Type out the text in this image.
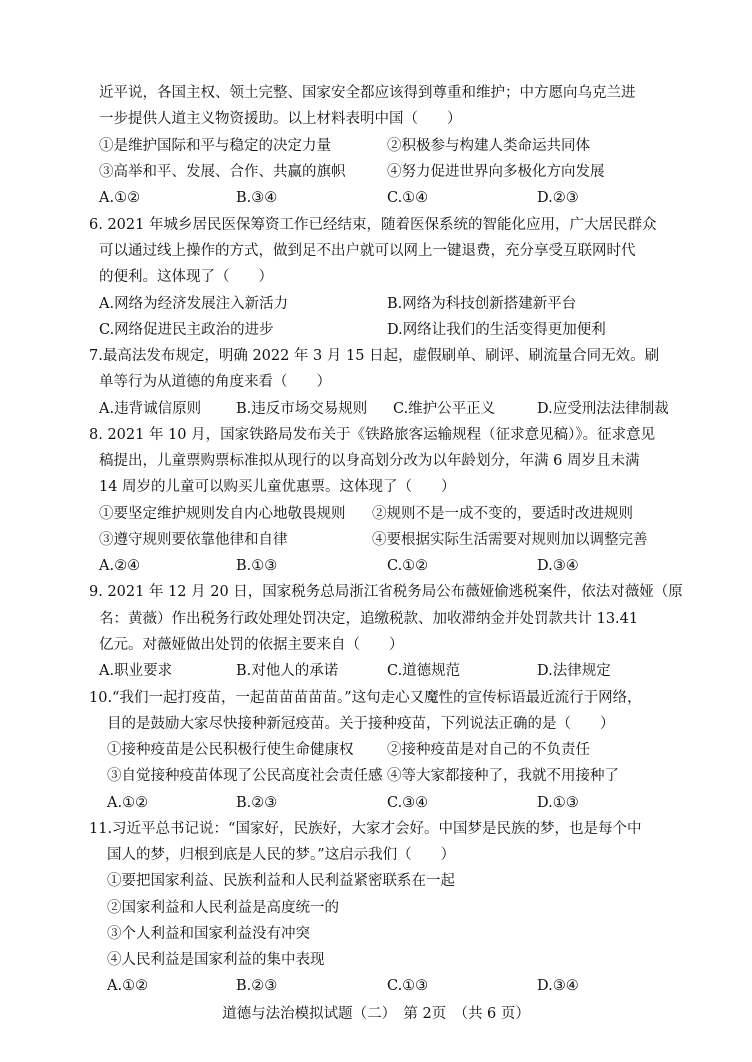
近平说，各国主权、领土完整、国家安全都应该得到尊重和维护；中方愿向乌克兰进
一步提供人道主义物资援助。以上材料表明中国（　　）
①是维护国际和平与稳定的决定力量	②积极参与构建人类命运共同体
③高举和平、发展、合作、共赢的旗帜	④努力促进世界向多极化方向发展
A.①②	B.③④	C.①④	D.②③
6. 2021 年城乡居民医保筹资工作已经结束，随着医保系统的智能化应用，广大居民群众
可以通过线上操作的方式，做到足不出户就可以网上一键退费，充分享受互联网时代
的便利。这体现了（　　）
A.网络为经济发展注入新活力	B.网络为科技创新搭建新平台
C.网络促进民主政治的进步	D.网络让我们的生活变得更加便利
7.最高法发布规定，明确 2022 年 3 月 15 日起，虚假刷单、刷评、刷流量合同无效。刷
单等行为从道德的角度来看（　　）
A.违背诚信原则 B.违反市场交易规则 C.维护公平正义	D.应受刑法法律制裁
8. 2021 年 10 月，国家铁路局发布关于《铁路旅客运输规程（征求意见稿）》。征求意见
稿提出，儿童票购票标准拟从现行的以身高划分改为以年龄划分，年满 6 周岁且未满
14 周岁的儿童可以购买儿童优惠票。这体现了（　　）
①要坚定维护规则发自内心地敬畏规则 ②规则不是一成不变的，要适时改进规则
③遵守规则要依靠他律和自律	④要根据实际生活需要对规则加以调整完善
A.②④	B.①③	C.①②	D.③④
9. 2021 年 12 月 20 日，国家税务总局浙江省税务局公布薇娅偷逃税案件，依法对薇娅（原
名：黄薇）作出税务行政处理处罚决定，追缴税款、加收滞纳金并处罚款共计 13.41
亿元。对薇娅做出处罚的依据主要来自（　　）
A.职业要求	B.对他人的承诺	C.道德规范	D.法律规定
10.“我们一起打疫苗，一起苗苗苗苗苗。”这句走心又魔性的宣传标语最近流行于网络，
目的是鼓励大家尽快接种新冠疫苗。关于接种疫苗，下列说法正确的是（　　）
①接种疫苗是公民积极行使生命健康权 ②接种疫苗是对自己的不负责任
③自觉接种疫苗体现了公民高度社会责任感 ④等大家都接种了，我就不用接种了
A.①②	B.②③	C.③④	D.①③
11.习近平总书记说：“国家好，民族好，大家才会好。中国梦是民族的梦，也是每个中
国人的梦，归根到底是人民的梦。”这启示我们（　　）
①要把国家利益、民族利益和人民利益紧密联系在一起
②国家利益和人民利益是高度统一的
③个人利益和国家利益没有冲突
④人民利益是国家利益的集中表现
A.①②	B.②③	C.①③	D.③④
道德与法治模拟试题（二）　第 2页　（共 6 页）
